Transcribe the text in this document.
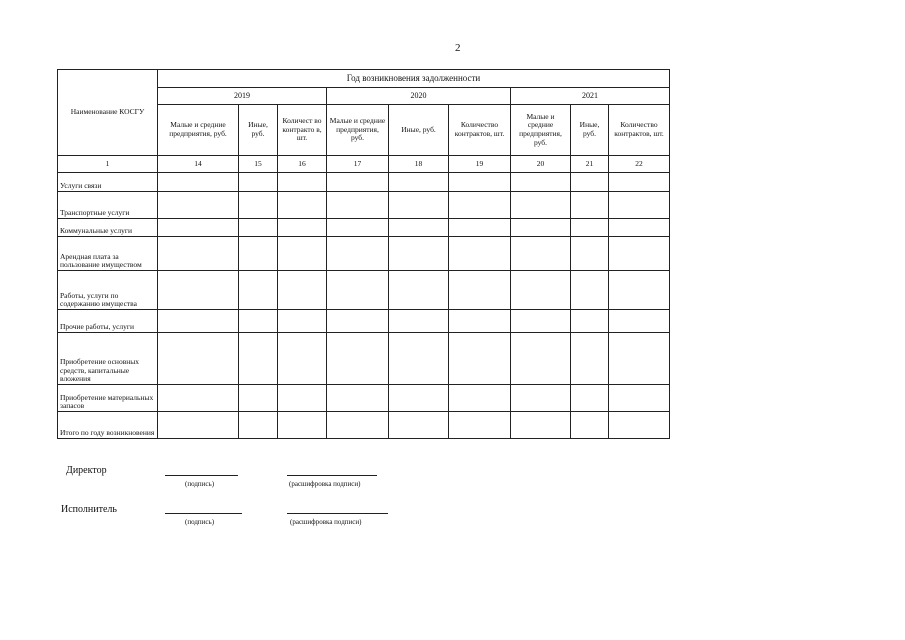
2
Наименование КОСГУ	Год возникновения задолженности								
	2019			2020			2021		
	Малые и средние предприятия, руб.	Иные, руб.	Количест во контракто в, шт.	Малые и средние предприятия, руб.	Иные, руб.	Количество контрактов, шт.	Малые и средние предприятия, руб.	Иные, руб.	Количество контрактов, шт.
1	14	15	16	17	18	19	20	21	22
Услуги связи									
Транспортные услуги									
Коммунальные услуги									
Арендная плата за пользование имуществом									
Работы, услуги по содержанию имущества									
Прочие работы, услуги									
Приобретение основных средств, капитальные вложения									
Приобретение материальных запасов									
Итого по году возникновения									
Директор
(подпись)	(расшифровка подписи)
Исполнитель
(подпись)	(расшифровка подписи)
